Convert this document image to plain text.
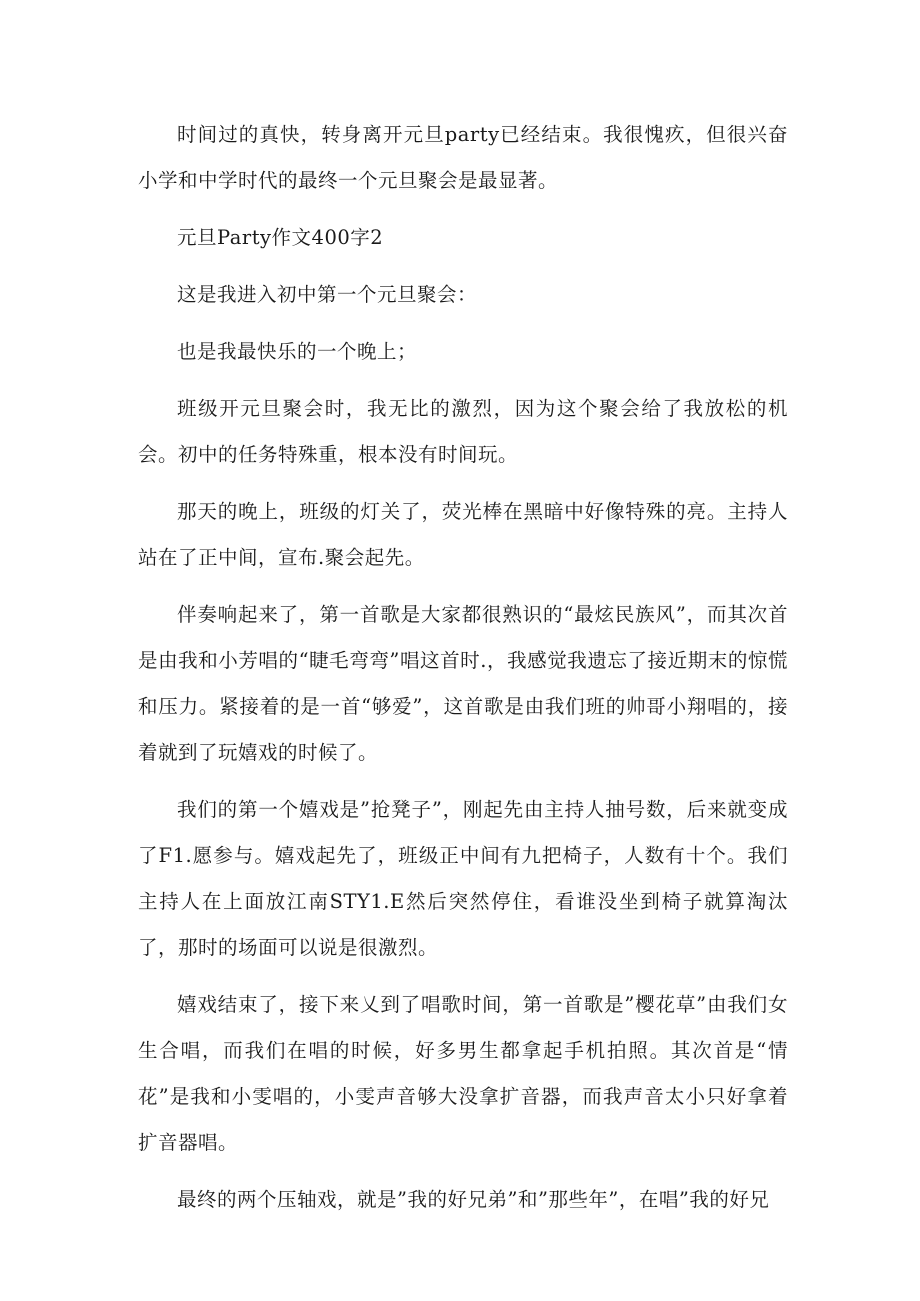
时间过的真快，转身离开元旦party已经结束。我很愧疚，但很兴奋小学和中学时代的最终一个元旦聚会是最显著。

元旦Party作文400字2

这是我进入初中第一个元旦聚会：

也是我最快乐的一个晚上；

班级开元旦聚会时，我无比的激烈，因为这个聚会给了我放松的机会。初中的任务特殊重，根本没有时间玩。

那天的晚上，班级的灯关了，荧光棒在黑暗中好像特殊的亮。主持人站在了正中间，宣布.聚会起先。

伴奏响起来了，第一首歌是大家都很熟识的“最炫民族风”，而其次首是由我和小芳唱的“睫毛弯弯”唱这首时.，我感觉我遗忘了接近期末的惊慌和压力。紧接着的是一首“够爱”，这首歌是由我们班的帅哥小翔唱的，接着就到了玩嬉戏的时候了。

我们的第一个嬉戏是”抢凳子”，刚起先由主持人抽号数，后来就变成了F1.愿参与。嬉戏起先了，班级正中间有九把椅子，人数有十个。我们主持人在上面放江南STY1.E然后突然停住，看谁没坐到椅子就算淘汰了，那时的场面可以说是很激烈。

嬉戏结束了，接下来乂到了唱歌时间，第一首歌是”樱花草”由我们女生合唱，而我们在唱的时候，好多男生都拿起手机拍照。其次首是“情花”是我和小雯唱的，小雯声音够大没拿扩音器，而我声音太小只好拿着扩音器唱。

最终的两个压轴戏，就是”我的好兄弟”和”那些年”，在唱”我的好兄
